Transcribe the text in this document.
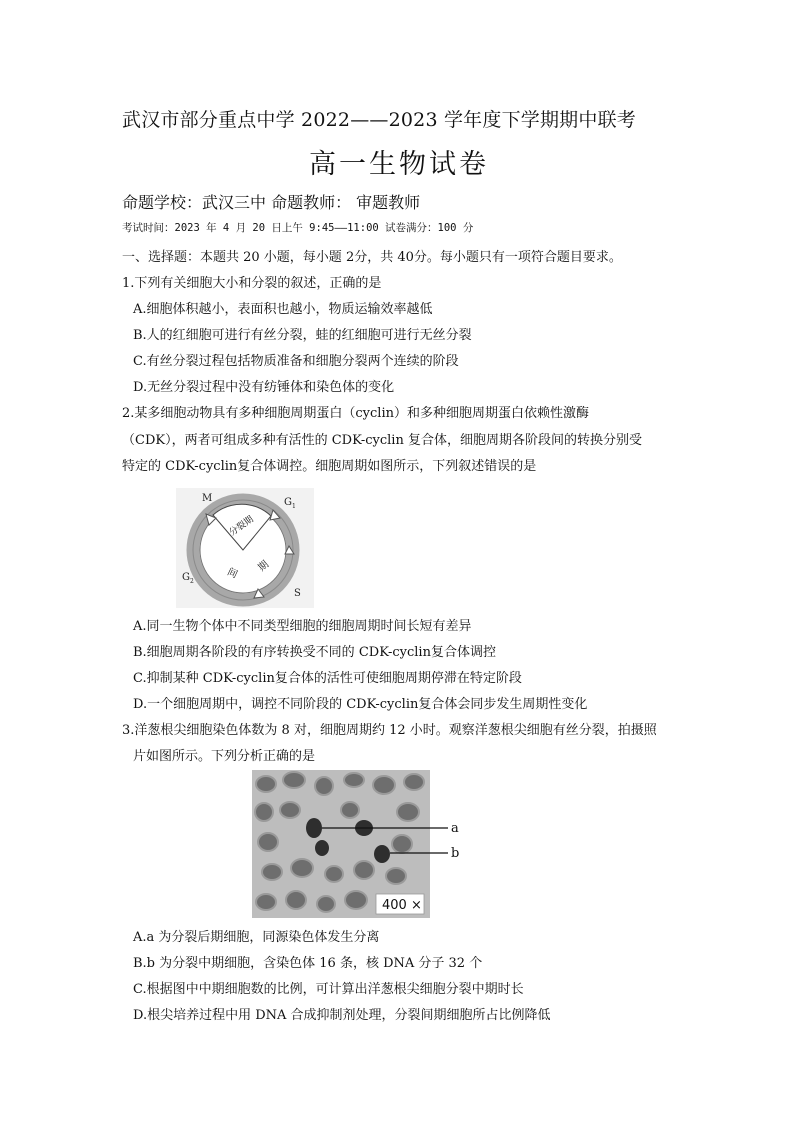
武汉市部分重点中学 2022——2023 学年度下学期期中联考
高一生物试卷
命题学校：武汉三中 命题教师： 审题教师
考试时间：2023 年 4 月 20 日上午 9:45——11:00 试卷满分：100 分
一、选择题：本题共 20 小题，每小题 2分，共 40分。每小题只有一项符合题目要求。
1.下列有关细胞大小和分裂的叙述，正确的是
A.细胞体积越小，表面积也越小，物质运输效率越低
B.人的红细胞可进行有丝分裂，蛙的红细胞可进行无丝分裂
C.有丝分裂过程包括物质准备和细胞分裂两个连续的阶段
D.无丝分裂过程中没有纺锤体和染色体的变化
2.某多细胞动物具有多种细胞周期蛋白（cyclin）和多种细胞周期蛋白依赖性激酶
（CDK），两者可组成多种有活性的 CDK-cyclin 复合体，细胞周期各阶段间的转换分别受
特定的 CDK-cyclin复合体调控。细胞周期如图所示，下列叙述错误的是
M	G 1
G 2
S
分裂期
间 期
A.同一生物个体中不同类型细胞的细胞周期时间长短有差异
B.细胞周期各阶段的有序转换受不同的 CDK-cyclin复合体调控
C.抑制某种 CDK-cyclin复合体的活性可使细胞周期停滞在特定阶段
D.一个细胞周期中，调控不同阶段的 CDK-cyclin复合体会同步发生周期性变化
3.洋葱根尖细胞染色体数为 8 对，细胞周期约 12 小时。观察洋葱根尖细胞有丝分裂，拍摄照
片如图所示。下列分析正确的是
400 ×
a
b
A.a 为分裂后期细胞，同源染色体发生分离
B.b 为分裂中期细胞，含染色体 16 条，核 DNA 分子 32 个
C.根据图中中期细胞数的比例，可计算出洋葱根尖细胞分裂中期时长
D.根尖培养过程中用 DNA 合成抑制剂处理，分裂间期细胞所占比例降低
